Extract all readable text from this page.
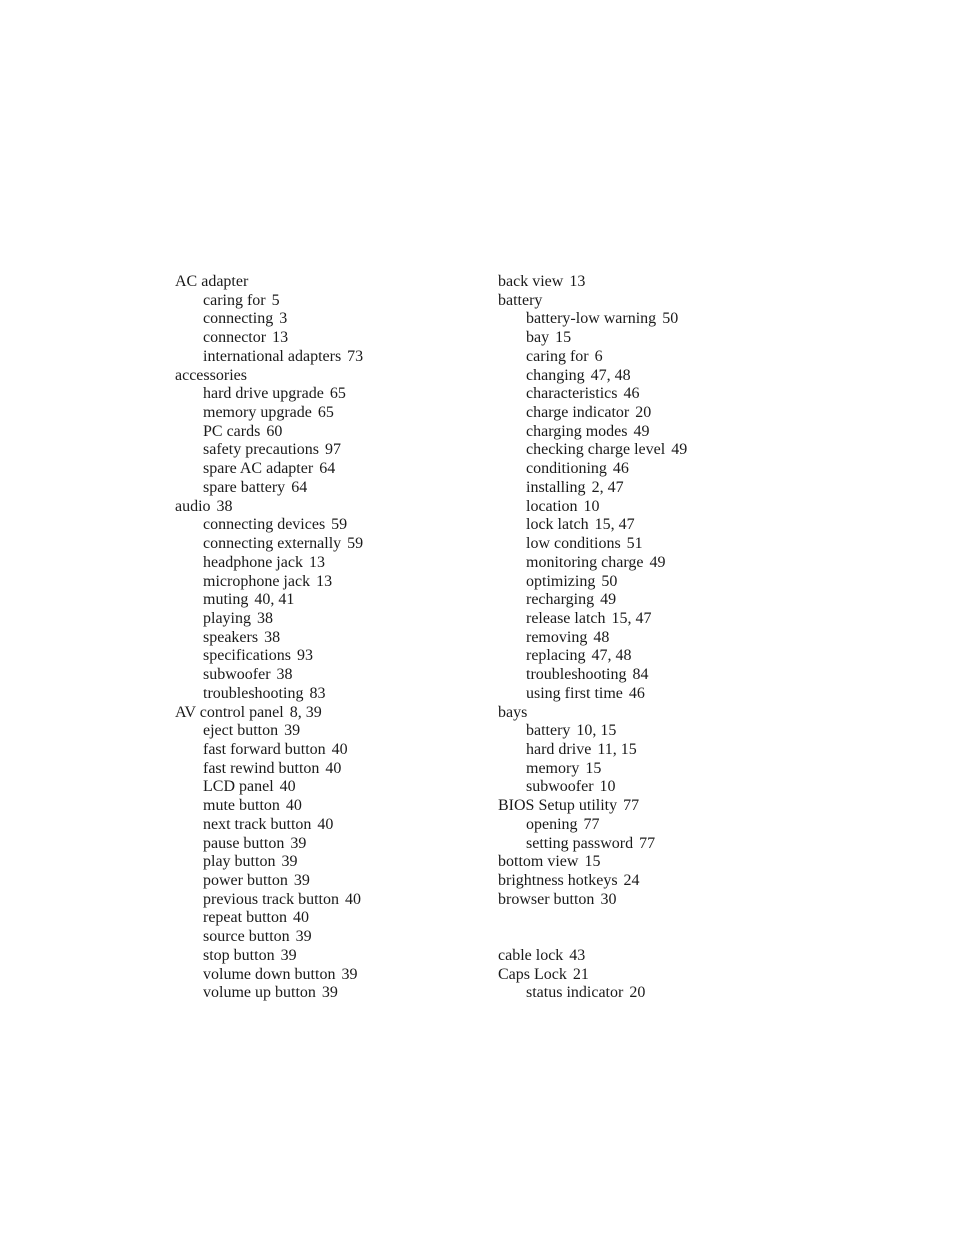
AC adapter
caring for 5
connecting 3
connector 13
international adapters 73
accessories
hard drive upgrade 65
memory upgrade 65
PC cards 60
safety precautions 97
spare AC adapter 64
spare battery 64
audio 38
connecting devices 59
connecting externally 59
headphone jack 13
microphone jack 13
muting 40, 41
playing 38
speakers 38
specifications 93
subwoofer 38
troubleshooting 83
AV control panel 8, 39
eject button 39
fast forward button 40
fast rewind button 40
LCD panel 40
mute button 40
next track button 40
pause button 39
play button 39
power button 39
previous track button 40
repeat button 40
source button 39
stop button 39
volume down button 39
volume up button 39
back view 13
battery
battery-low warning 50
bay 15
caring for 6
changing 47, 48
characteristics 46
charge indicator 20
charging modes 49
checking charge level 49
conditioning 46
installing 2, 47
location 10
lock latch 15, 47
low conditions 51
monitoring charge 49
optimizing 50
recharging 49
release latch 15, 47
removing 48
replacing 47, 48
troubleshooting 84
using first time 46
bays
battery 10, 15
hard drive 11, 15
memory 15
subwoofer 10
BIOS Setup utility 77
opening 77
setting password 77
bottom view 15
brightness hotkeys 24
browser button 30
cable lock 43
Caps Lock 21
status indicator 20
